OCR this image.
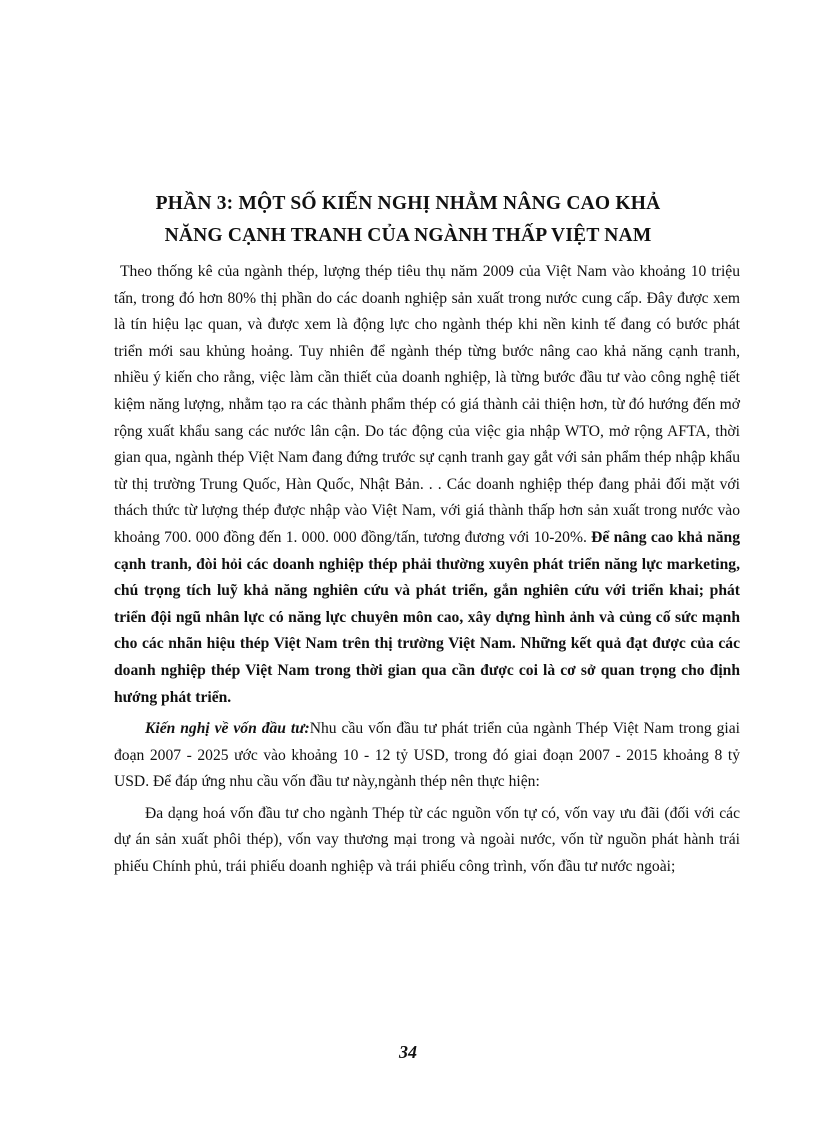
PHẦN 3: MỘT SỐ KIẾN NGHỊ NHẰM NÂNG CAO KHẢ
NĂNG CẠNH TRANH CỦA NGÀNH THẤP VIỆT NAM

Theo thống kê của ngành thép, lượng thép tiêu thụ năm 2009 của Việt Nam vào khoảng 10 triệu tấn, trong đó hơn 80% thị phần do các doanh nghiệp sản xuất trong nước cung cấp. Đây được xem là tín hiệu lạc quan, và được xem là động lực cho ngành thép khi nền kinh tế đang có bước phát triển mới sau khủng hoảng. Tuy nhiên để ngành thép từng bước nâng cao khả năng cạnh tranh, nhiều ý kiến cho rằng, việc làm cần thiết của doanh nghiệp, là từng bước đầu tư vào công nghệ tiết kiệm năng lượng, nhằm tạo ra các thành phẩm thép có giá thành cải thiện hơn, từ đó hướng đến mở rộng xuất khẩu sang các nước lân cận. Do tác động của việc gia nhập WTO, mở rộng AFTA, thời gian qua, ngành thép Việt Nam đang đứng trước sự cạnh tranh gay gắt với sản phẩm thép nhập khẩu từ thị trường Trung Quốc, Hàn Quốc, Nhật Bản. . . Các doanh nghiệp thép đang phải đối mặt với thách thức từ lượng thép được nhập vào Việt Nam, với giá thành thấp hơn sản xuất trong nước vào khoảng 700. 000 đồng đến 1. 000. 000 đồng/tấn, tương đương với 10-20%. Để nâng cao khả năng cạnh tranh, đòi hỏi các doanh nghiệp thép phải thường xuyên phát triển năng lực marketing, chú trọng tích luỹ khả năng nghiên cứu và phát triển, gắn nghiên cứu với triển khai; phát triển đội ngũ nhân lực có năng lực chuyên môn cao, xây dựng hình ảnh và củng cố sức mạnh cho các nhãn hiệu thép Việt Nam trên thị trường Việt Nam. Những kết quả đạt được của các doanh nghiệp thép Việt Nam trong thời gian qua cần được coi là cơ sở quan trọng cho định hướng phát triển.

Kiến nghị về vốn đầu tư:Nhu cầu vốn đầu tư phát triển của ngành Thép Việt Nam trong giai đoạn 2007 - 2025 ước vào khoảng 10 - 12 tỷ USD, trong đó giai đoạn 2007 - 2015 khoảng 8 tỷ USD. Để đáp ứng nhu cầu vốn đầu tư này,ngành thép nên thực hiện:

Đa dạng hoá vốn đầu tư cho ngành Thép từ các nguồn vốn tự có, vốn vay ưu đãi (đối với các dự án sản xuất phôi thép), vốn vay thương mại trong và ngoài nước, vốn từ nguồn phát hành trái phiếu Chính phủ, trái phiếu doanh nghiệp và trái phiếu công trình, vốn đầu tư nước ngoài;

34
